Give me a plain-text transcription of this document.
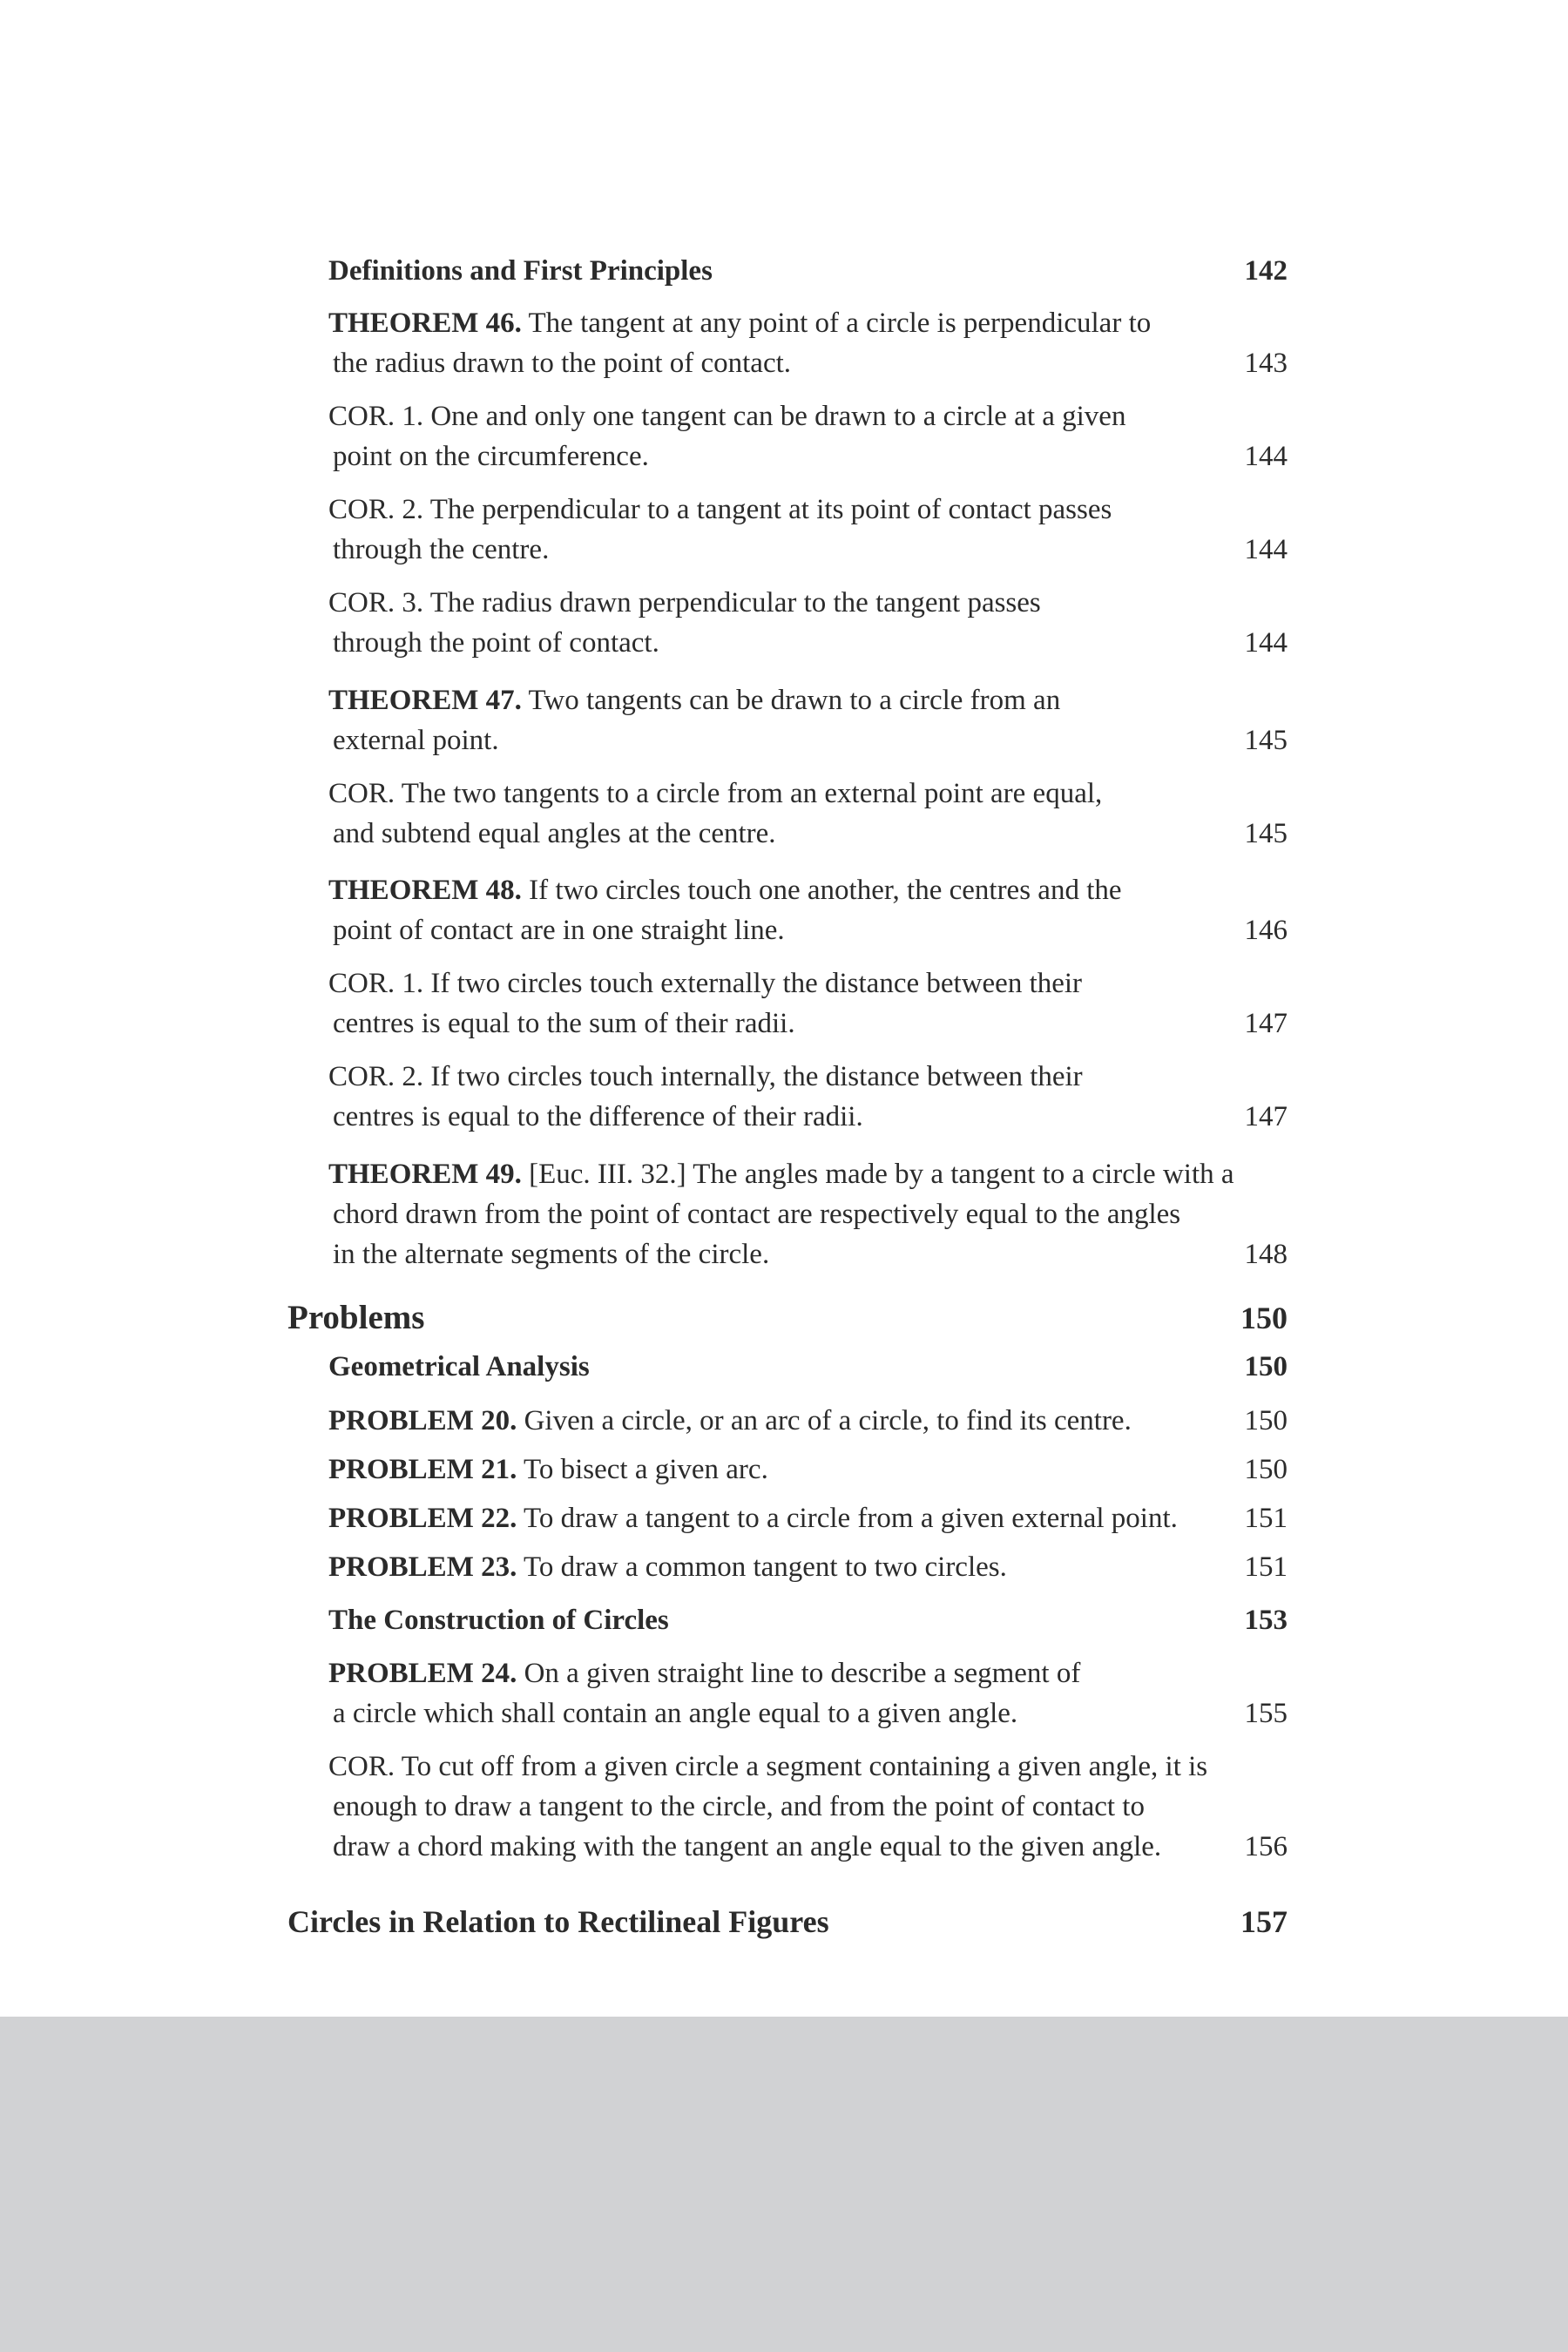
Definitions and First Principles	142
THEOREM 46. The tangent at any point of a circle is perpendicular to
the radius drawn to the point of contact.	143
COR. 1. One and only one tangent can be drawn to a circle at a given
point on the circumference.	144
COR. 2. The perpendicular to a tangent at its point of contact passes
through the centre.	144
COR. 3. The radius drawn perpendicular to the tangent passes
through the point of contact.	144
THEOREM 47. Two tangents can be drawn to a circle from an
external point.	145
COR. The two tangents to a circle from an external point are equal,
and subtend equal angles at the centre.	145
THEOREM 48. If two circles touch one another, the centres and the
point of contact are in one straight line.	146
COR. 1. If two circles touch externally the distance between their
centres is equal to the sum of their radii.	147
COR. 2. If two circles touch internally, the distance between their
centres is equal to the difference of their radii.	147
THEOREM 49. [Euc. III. 32.] The angles made by a tangent to a circle with a
chord drawn from the point of contact are respectively equal to the angles
in the alternate segments of the circle.	148
Problems	150
Geometrical Analysis	150
PROBLEM 20. Given a circle, or an arc of a circle, to find its centre.	150
PROBLEM 21. To bisect a given arc.	150
PROBLEM 22. To draw a tangent to a circle from a given external point. 151
PROBLEM 23. To draw a common tangent to two circles.	151
The Construction of Circles	153
PROBLEM 24. On a given straight line to describe a segment of
a circle which shall contain an angle equal to a given angle.	155
COR. To cut off from a given circle a segment containing a given angle, it is
enough to draw a tangent to the circle, and from the point of contact to
draw a chord making with the tangent an angle equal to the given angle.	156
Circles in Relation to Rectilineal Figures	157
